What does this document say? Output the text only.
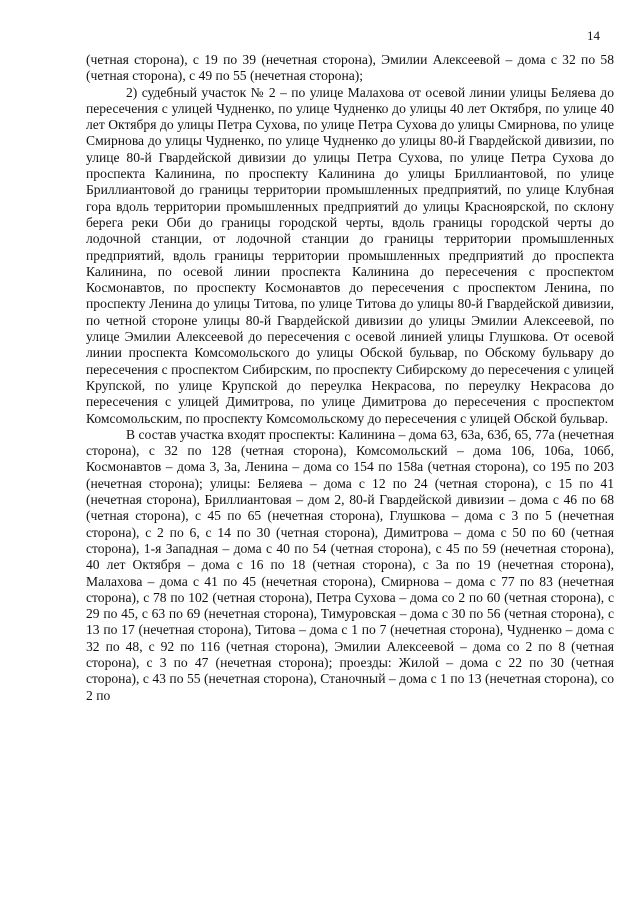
14

(четная сторона), с 19 по 39 (нечетная сторона), Эмилии Алексеевой – дома с 32 по 58 (четная сторона), с 49 по 55 (нечетная сторона);

2) судебный участок № 2 – по улице Малахова от осевой линии улицы Беляева до пересечения с улицей Чудненко, по улице Чудненко до улицы 40 лет Октября, по улице 40 лет Октября до улицы Петра Сухова, по улице Петра Сухова до улицы Смирнова, по улице Смирнова до улицы Чудненко, по улице Чудненко до улицы 80-й Гвардейской дивизии, по улице 80-й Гвардейской дивизии до улицы Петра Сухова, по улице Петра Сухова до проспекта Калинина, по проспекту Калинина до улицы Бриллиантовой, по улице Бриллиантовой до границы территории промышленных предприятий, по улице Клубная гора вдоль территории промышленных предприятий до улицы Красноярской, по склону берега реки Оби до границы городской черты, вдоль границы городской черты до лодочной станции, от лодочной станции до границы территории промышленных предприятий, вдоль границы территории промышленных предприятий до проспекта Калинина, по осевой линии проспекта Калинина до пересечения с проспектом Космонавтов, по проспекту Космонавтов до пересечения с проспектом Ленина, по проспекту Ленина до улицы Титова, по улице Титова до улицы 80-й Гвардейской дивизии, по четной стороне улицы 80-й Гвардейской дивизии до улицы Эмилии Алексеевой, по улице Эмилии Алексеевой до пересечения с осевой линией улицы Глушкова. От осевой линии проспекта Комсомольского до улицы Обской бульвар, по Обскому бульвару до пересечения с проспектом Сибирским, по проспекту Сибирскому до пересечения с улицей Крупской, по улице Крупской до переулка Некрасова, по переулку Некрасова до пересечения с улицей Димитрова, по улице Димитрова до пересечения с проспектом Комсомольским, по проспекту Комсомольскому до пересечения с улицей Обской бульвар.

В состав участка входят проспекты: Калинина – дома 63, 63а, 63б, 65, 77а (нечетная сторона), с 32 по 128 (четная сторона), Комсомольский – дома 106, 106а, 106б, Космонавтов – дома 3, 3а, Ленина – дома со 154 по 158а (четная сторона), со 195 по 203 (нечетная сторона); улицы: Беляева – дома с 12 по 24 (четная сторона), с 15 по 41 (нечетная сторона), Бриллиантовая – дом 2, 80-й Гвардейской дивизии – дома с 46 по 68 (четная сторона), с 45 по 65 (нечетная сторона), Глушкова – дома с 3 по 5 (нечетная сторона), с 2 по 6, с 14 по 30 (четная сторона), Димитрова – дома с 50 по 60 (четная сторона), 1-я Западная – дома с 40 по 54 (четная сторона), с 45 по 59 (нечетная сторона), 40 лет Октября – дома с 16 по 18 (четная сторона), с 3а по 19 (нечетная сторона), Малахова – дома с 41 по 45 (нечетная сторона), Смирнова – дома с 77 по 83 (нечетная сторона), с 78 по 102 (четная сторона), Петра Сухова – дома со 2 по 60 (четная сторона), с 29 по 45, с 63 по 69 (нечетная сторона), Тимуровская – дома с 30 по 56 (четная сторона), с 13 по 17 (нечетная сторона), Титова – дома с 1 по 7 (нечетная сторона), Чудненко – дома с 32 по 48, с 92 по 116 (четная сторона), Эмилии Алексеевой – дома со 2 по 8 (четная сторона), с 3 по 47 (нечетная сторона); проезды: Жилой – дома с 22 по 30 (четная сторона), с 43 по 55 (нечетная сторона), Станочный – дома с 1 по 13 (нечетная сторона), со 2 по
